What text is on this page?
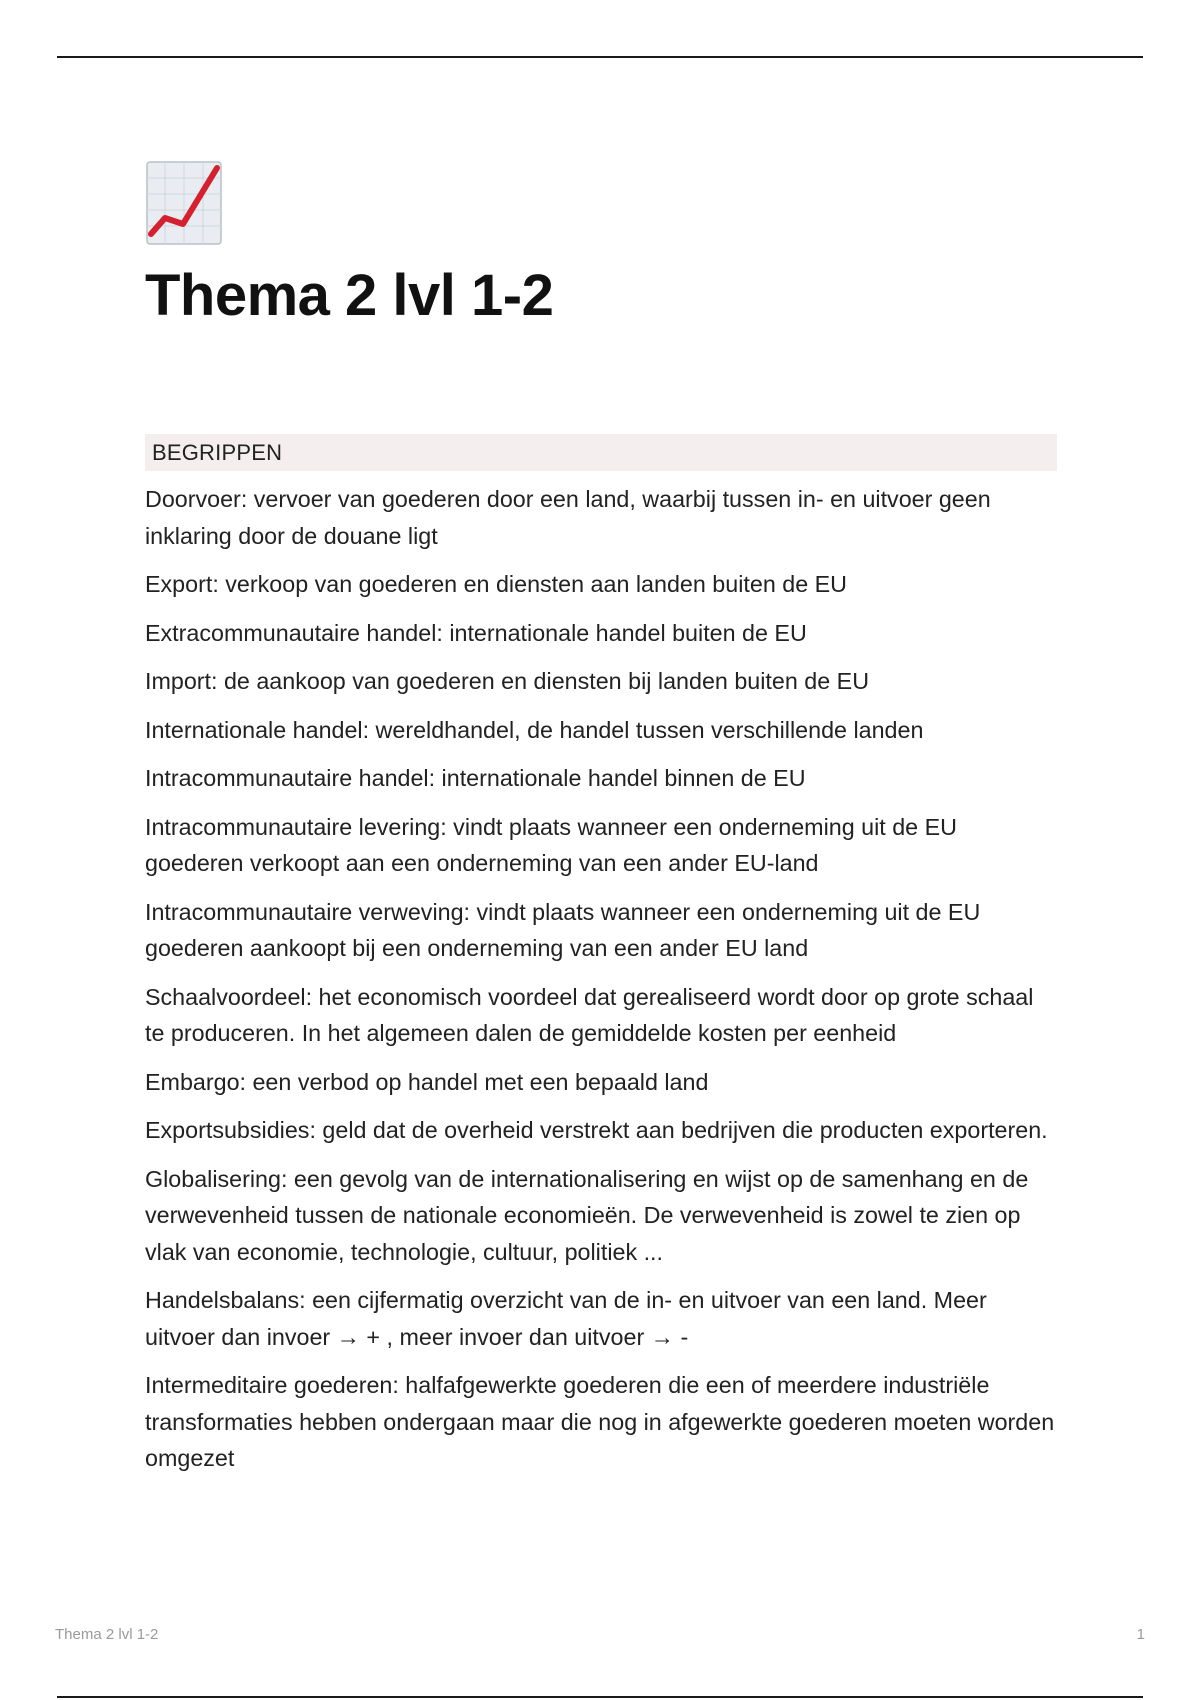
Thema 2 lvl 1-2
BEGRIPPEN
Doorvoer: vervoer van goederen door een land, waarbij tussen in- en uitvoer geen inklaring door de douane ligt
Export: verkoop van goederen en diensten aan landen buiten de EU
Extracommunautaire handel: internationale handel buiten de EU
Import: de aankoop van goederen en diensten bij landen buiten de EU
Internationale handel: wereldhandel, de handel tussen verschillende landen
Intracommunautaire handel: internationale handel binnen de EU
Intracommunautaire levering: vindt plaats wanneer een onderneming uit de EU goederen verkoopt aan een onderneming van een ander EU-land
Intracommunautaire verweving: vindt plaats wanneer een onderneming uit de EU goederen aankoopt bij een onderneming van een ander EU land
Schaalvoordeel: het economisch voordeel dat gerealiseerd wordt door op grote schaal te produceren. In het algemeen dalen de gemiddelde kosten per eenheid
Embargo: een verbod op handel met een bepaald land
Exportsubsidies: geld dat de overheid verstrekt aan bedrijven die producten exporteren.
Globalisering: een gevolg van de internationalisering en wijst op de samenhang en de verwevenheid tussen de nationale economieën. De verwevenheid is zowel te zien op vlak van economie, technologie, cultuur, politiek ...
Handelsbalans: een cijfermatig overzicht van de in- en uitvoer van een land. Meer uitvoer dan invoer → + , meer invoer dan uitvoer → -
Intermeditaire goederen: halfafgewerkte goederen die een of meerdere industriële transformaties hebben ondergaan maar die nog in afgewerkte goederen moeten worden omgezet
Thema 2 lvl 1-2	1
